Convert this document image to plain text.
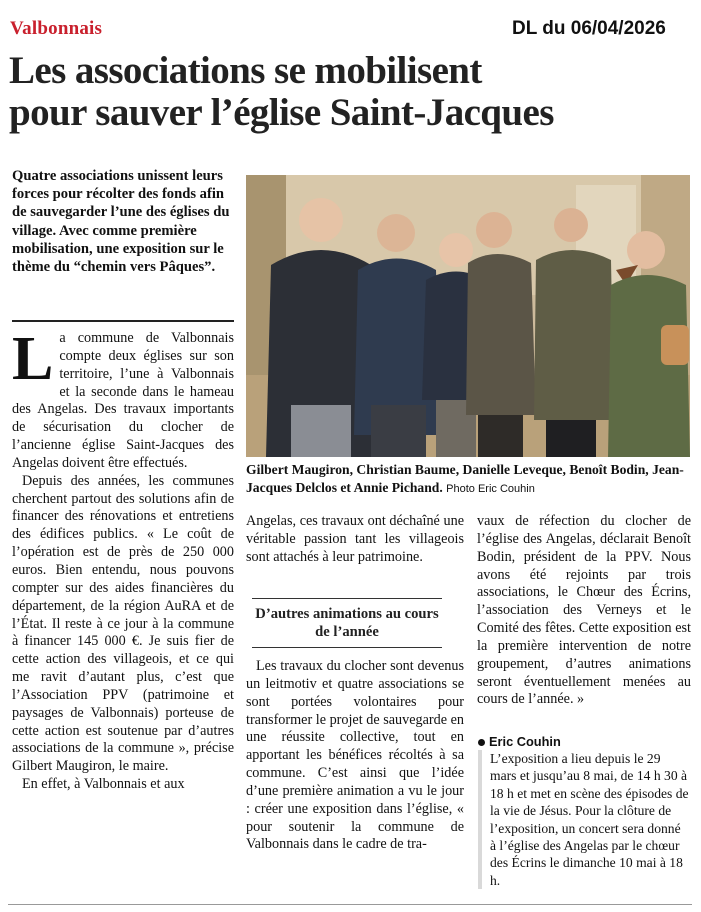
Valbonnais	DL du 06/04/2026
Les associations se mobilisent
pour sauver l’église Saint-Jacques
Quatre associations unissent leurs forces pour récolter des fonds afin de sauvegarder l’une des églises du village. Avec comme première mobilisation, une exposition sur le thème du “chemin vers Pâques”.
Gilbert Maugiron, Christian Baume, Danielle Leveque, Benoît Bodin, Jean-Jacques Delclos et Annie Pichand. Photo Eric Couhin

L a commune de Valbonnais compte deux églises sur son territoire, l’une à Valbonnais et la seconde dans le hameau des Angelas. Des travaux importants de sécurisation du clocher de l’ancienne église Saint-Jacques des Angelas doivent être effectués.

Depuis des années, les communes cherchent partout des solutions afin de financer des rénovations et entretiens des édifices publics. « Le coût de l’opération est de près de 250 000 euros. Bien entendu, nous pouvons compter sur des aides financières du département, de la région AuRA et de l’État. Il reste à ce jour à la commune à financer 145 000 €. Je suis fier de cette action des villageois, et ce qui me ravit d’autant plus, c’est que l’Association PPV (patrimoine et paysages de Valbonnais) porteuse de cette action est soutenue par d’autres associations de la commune », précise Gilbert Maugiron, le maire.

En effet, à Valbonnais et aux

Angelas, ces travaux ont déchaîné une véritable passion tant les villageois sont attachés à leur patrimoine.

D’autres animations au cours de l’année

Les travaux du clocher sont devenus un leitmotiv et quatre associations se sont portées volontaires pour transformer le projet de sauvegarde en une réussite collective, tout en apportant les bénéfices récoltés à sa commune. C’est ainsi que l’idée d’une première animation a vu le jour : créer une exposition dans l’église, « pour soutenir la commune de Valbonnais dans le cadre de tra-

vaux de réfection du clocher de l’église des Angelas, déclarait Benoît Bodin, président de la PPV. Nous avons été rejoints par trois associations, le Chœur des Écrins, l’association des Verneys et le Comité des fêtes. Cette exposition est la première intervention de notre groupement, d’autres animations seront éventuellement menées au cours de l’année. »

Eric Couhin
L’exposition a lieu depuis le 29 mars et jusqu’au 8 mai, de 14 h 30 à 18 h et met en scène des épisodes de la vie de Jésus. Pour la clôture de l’exposition, un concert sera donné à l’église des Angelas par le chœur des Écrins le dimanche 10 mai à 18 h.
